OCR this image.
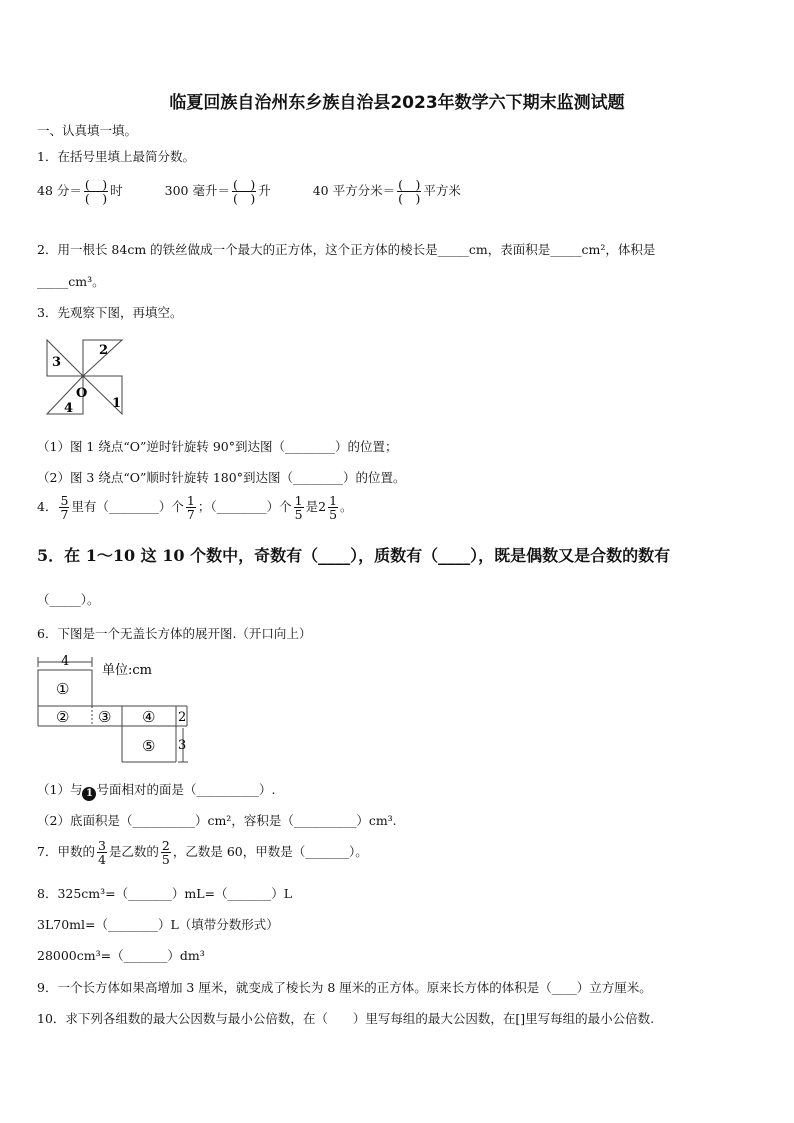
临夏回族自治州东乡族自治县2023年数学六下期末监测试题
一、认真填一填。
1．在括号里填上最简分数。
48 分＝ $\frac{( )}{( )}$ 时	300 毫升＝ $\frac{( )}{( )}$ 升	40 平方分米＝ $\frac{( )}{( )}$ 平方米
2．用一根长 84cm 的铁丝做成一个最大的正方体，这个正方体的棱长是_____cm，表面积是_____cm²，体积是
_____cm³。
3．先观察下图，再填空。
3
2
O
4	1
（1）图 1 绕点“O”逆时针旋转 90°到达图（________）的位置；
（2）图 3 绕点“O”顺时针旋转 180°到达图（________）的位置。
4． $\frac{5}{7}$ 里有（________）个 $\frac{1}{7}$ ；（________）个 $\frac{1}{5}$ 是$2 \frac{1}{5}$ 。
5．在 1～10 这 10 个数中，奇数有（____），质数有（____），既是偶数又是合数的数有
（_____）。
6．下图是一个无盖长方体的展开图.（开口向上）
4
单位:cm
①
② ③ ④
⑤
2
3
（1）与 1 号面相对的面是（__________）.
（2）底面积是（__________）cm²，容积是（__________）cm³.
7．甲数的 $\frac{3}{4}$ 是乙数的 $\frac{2}{5}$ ，乙数是 60，甲数是（_______）。
8．325cm³=（_______）mL=（_______）L
3L70ml=（________）L（填带分数形式）
28000cm³=（_______）dm³
9．一个长方体如果高增加 3 厘米，就变成了棱长为 8 厘米的正方体。原来长方体的体积是（____）立方厘米。
10．求下列各组数的最大公因数与最小公倍数，在（　　）里写每组的最大公因数，在[]里写每组的最小公倍数.
